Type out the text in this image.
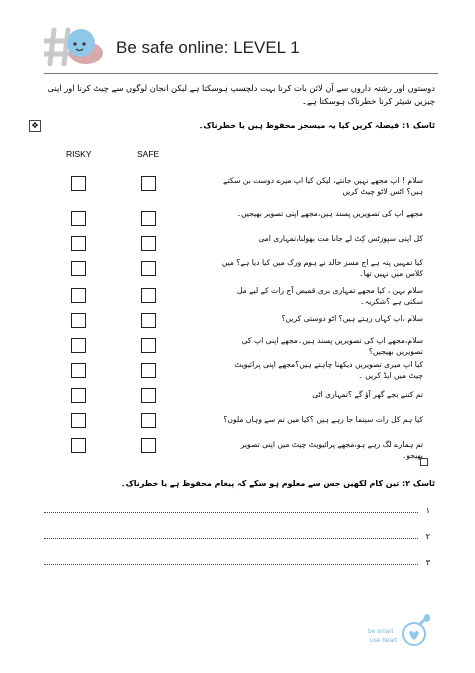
Be safe online: LEVEL 1
دوستوں اور رشتہ داروں سے آن لائن بات کرنا بہت دلچسپ ہوسکتا ہے لیکن انجان لوگوں سے چیٹ کرنا اور اپنی چیزیں شیئر کرنا خطرناک ہوسکتا ہے۔
✥	ٹاسک ١: فیصلہ کریں کیا یہ میسجز محفوظ ہیں یا خطرناک۔
RISKY	SAFE
سلام ! اپ مجھے نہیں جانتے، لیکن کیا اپ میرے دوست بن سکتے ہیں؟ اٹس لاٹو چیٹ کریں
مجھے اپ کی تصویریں پسند ہیں،مجھے اپنی تصویر بھیجیں۔
کل اپنی سپورٹس کِٹ لے جانا مت بھولنا،تمہاری امی
کیا تمہیں پتہ ہے اج مسز خالد نے ہوم ورک میں کیا دیا ہے؟ میں کلاس میں نہیں تھا۔
سلام بہن ، کیا مجھے تمہاری بری قمیض آج رات کے لیے مل سکتی ہے ؟شکریہ۔
سلام ،اپ کہاں رہتے ہیں؟ اٹو دوستی کریں؟
سلام،مجھے اپ کی تصویریں پسند ہیں۔مجھے اپنی اپ کی تصویریں بھیجیں؟
کیا اپ میری تصویریں دیکھنا چاہتے ہیں؟مجھے اپنی پرائیویٹ چیٹ میں ایڈ کریں ۔
تم کتنے بجے گھر آؤ گے ؟تمہاری اٹی
کیا ہم کل رات سینما جا رہے ہیں ؟کیا میں تم سے وہاں ملوں؟
تم ہمارے لگ رہے ہو،مجھے پرائیویٹ چیٹ میں اپنی تصویر بھیجو۔
ٹاسک ٢: تین کام لکھیں جس سے معلوم ہو سکے کہ پیغام محفوظ ہے یا خطرناک۔
١
٢
٣
be smart
use heart
